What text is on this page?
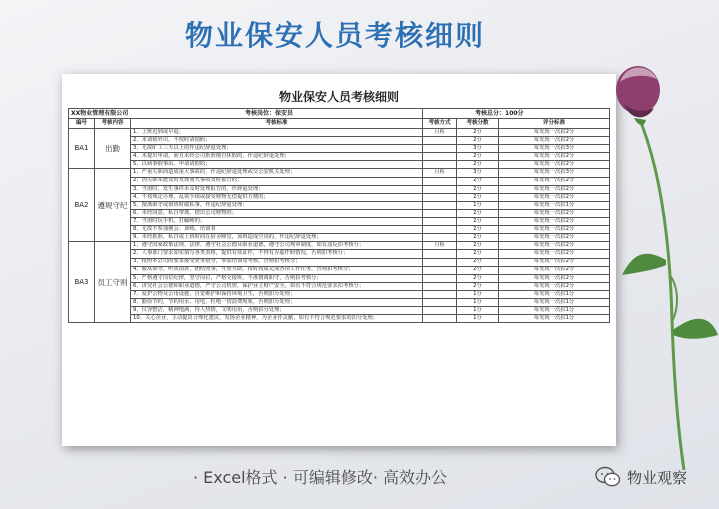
物业保安人员考核细则
物业保安人员考核细则
XX物业管理有限公司 考核岗位：保安员			考核总分：100分		
编号	考核内容	考核标准	考核方式	考核分数	评分标准
BA1	出勤	1、上班迟到或早退；	月检	2分	每发现一次扣2分
		2、未请假外出，不按时请销假；		2分	每发现一次扣2分
		3、无故旷工三天以上的作违纪辞退处理；		3分	每发现一次扣3分
		4、未提出申请，而且未经公司批准擅自休假的，作违纪辞退处理；		2分	每发现一次扣2分
		5、以病事假事由，申请请假的；		2分	每发现一次扣2分
BA2	遵规守纪	1、严重失职而造成重大事故的，作违纪辞退处理或交公安机关处理；	月检	3分	每发现一次扣3分
		2、因失职未能及时发现重大事故及时报告的；		2分	每发现一次扣2分
		3、当值时，发生事件未及时处理报告的，作辞退处理；		2分	每发现一次扣2分
		4、不按规定办理，乱领手续或接受财物无偿提供方便的；		2分	每发现一次扣2分
		5、擅离职守或值班时做私事，作违纪辞退处理；		1分	每发现一次扣1分
		6、未经同意，私自带离、借出公司财物的；		2分	每发现一次扣2分
		7、当值时玩手机，打瞌睡的；		2分	每发现一次扣2分
		8、无故不参加例会、训练、培训者		2分	每发现一次扣2分
		9、未经批准，私自或上班时间在宿舍睡觉，顶班造成空岗的，作违纪辞退处理；		2分	每发现一次扣2分
BA3	员工守则	1、遵守国家政策法规、法律、遵守社会公德及职业道德，遵守公司规章制度，如有违反扣考核分；	月检	2分	每发现一次扣2分
		2、人事部门要求如实填写各类表格，提供有效证件，不得有弄虚作假情况，否则扣考核分；		2分	每发现一次扣2分
		3、按照本公司的要求接受业务指导，参加培训及考核，否则扣考核分；		2分	每发现一次扣2分
		4、服从领导，听从指挥，团结同事，互帮互助，按时按质完成各项工作任务，否则扣考核分；		2分	每发现一次扣2分
		5、严格遵守岗位纪律，坚守岗位，严格交接班，不准擅离职守，否则扣考核分；		2分	每发现一次扣2分
		6、讲究社会公德和职业道德，严守公司机密，保护业主财产安全，如有不符合规范要求扣考核分；		2分	每发现一次扣2分
		7、爱护公物及公用设施，自觉维护和保持环境卫生，否则扣分处理；		1分	每发现一次扣1分
		8、勤俭节约，节约用水、用电，杜绝一切浪费现象，否则扣分处理；		1分	每发现一次扣1分
		9、仪容整洁，精神饱满，待人热情，文明用语，否则扣分处理；		1分	每发现一次扣1分
		10、关心企业，主动提出合理化建议，发扬企业精神，为企业作贡献，如有不符合规范要求的扣分处理；		1分	每发现一次扣1分
· Excel格式 · 可编辑修改· 高效办公	物业观察
